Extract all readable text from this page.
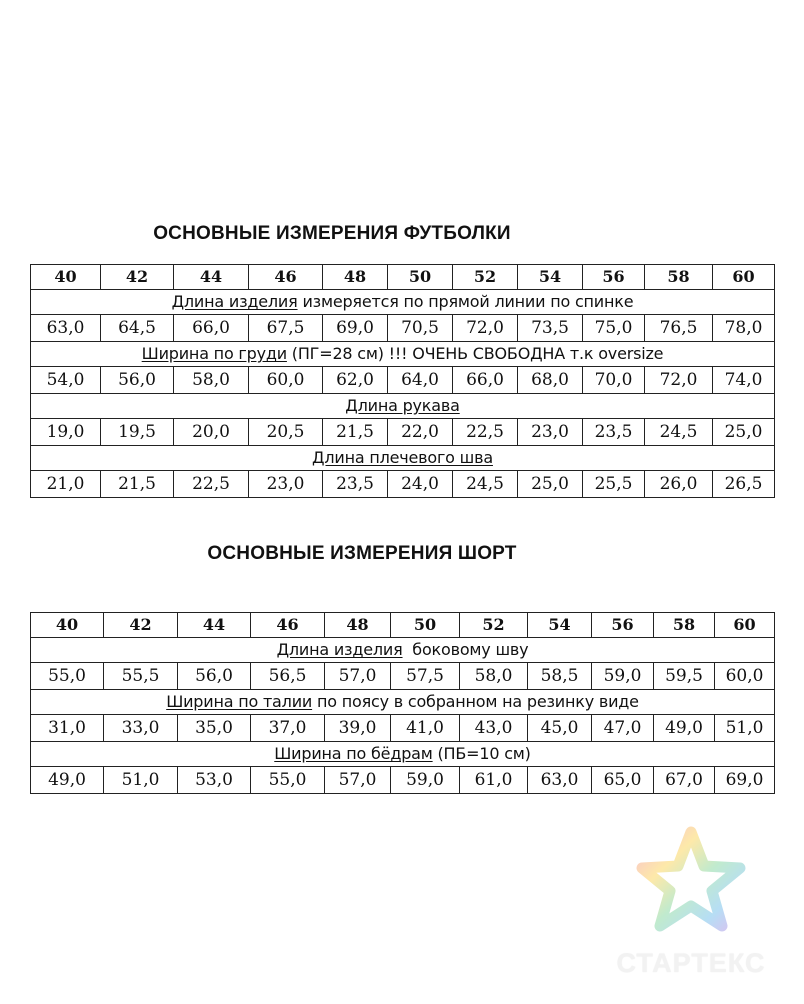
ОСНОВНЫЕ ИЗМЕРЕНИЯ ФУТБОЛКИ
40	42	44	46	48	50	52	54	56	58	60
Длина изделия измеряется по прямой линии по спинке										
63,0	64,5	66,0	67,5	69,0	70,5	72,0	73,5	75,0	76,5	78,0
Ширина по груди (ПГ=28 см) !!! ОЧЕНЬ СВОБОДНА т.к oversize										
54,0	56,0	58,0	60,0	62,0	64,0	66,0	68,0	70,0	72,0	74,0
Длина рукава										
19,0	19,5	20,0	20,5	21,5	22,0	22,5	23,0	23,5	24,5	25,0
Длина плечевого шва										
21,0	21,5	22,5	23,0	23,5	24,0	24,5	25,0	25,5	26,0	26,5
ОСНОВНЫЕ ИЗМЕРЕНИЯ ШОРТ
40	42	44	46	48	50	52	54	56	58	60
Длина изделия  боковому шву										
55,0	55,5	56,0	56,5	57,0	57,5	58,0	58,5	59,0	59,5	60,0
Ширина по талии по поясу в собранном на резинку виде										
31,0	33,0	35,0	37,0	39,0	41,0	43,0	45,0	47,0	49,0	51,0
Ширина по бёдрам (ПБ=10 см)										
49,0	51,0	53,0	55,0	57,0	59,0	61,0	63,0	65,0	67,0	69,0
СТАРТЕКС
